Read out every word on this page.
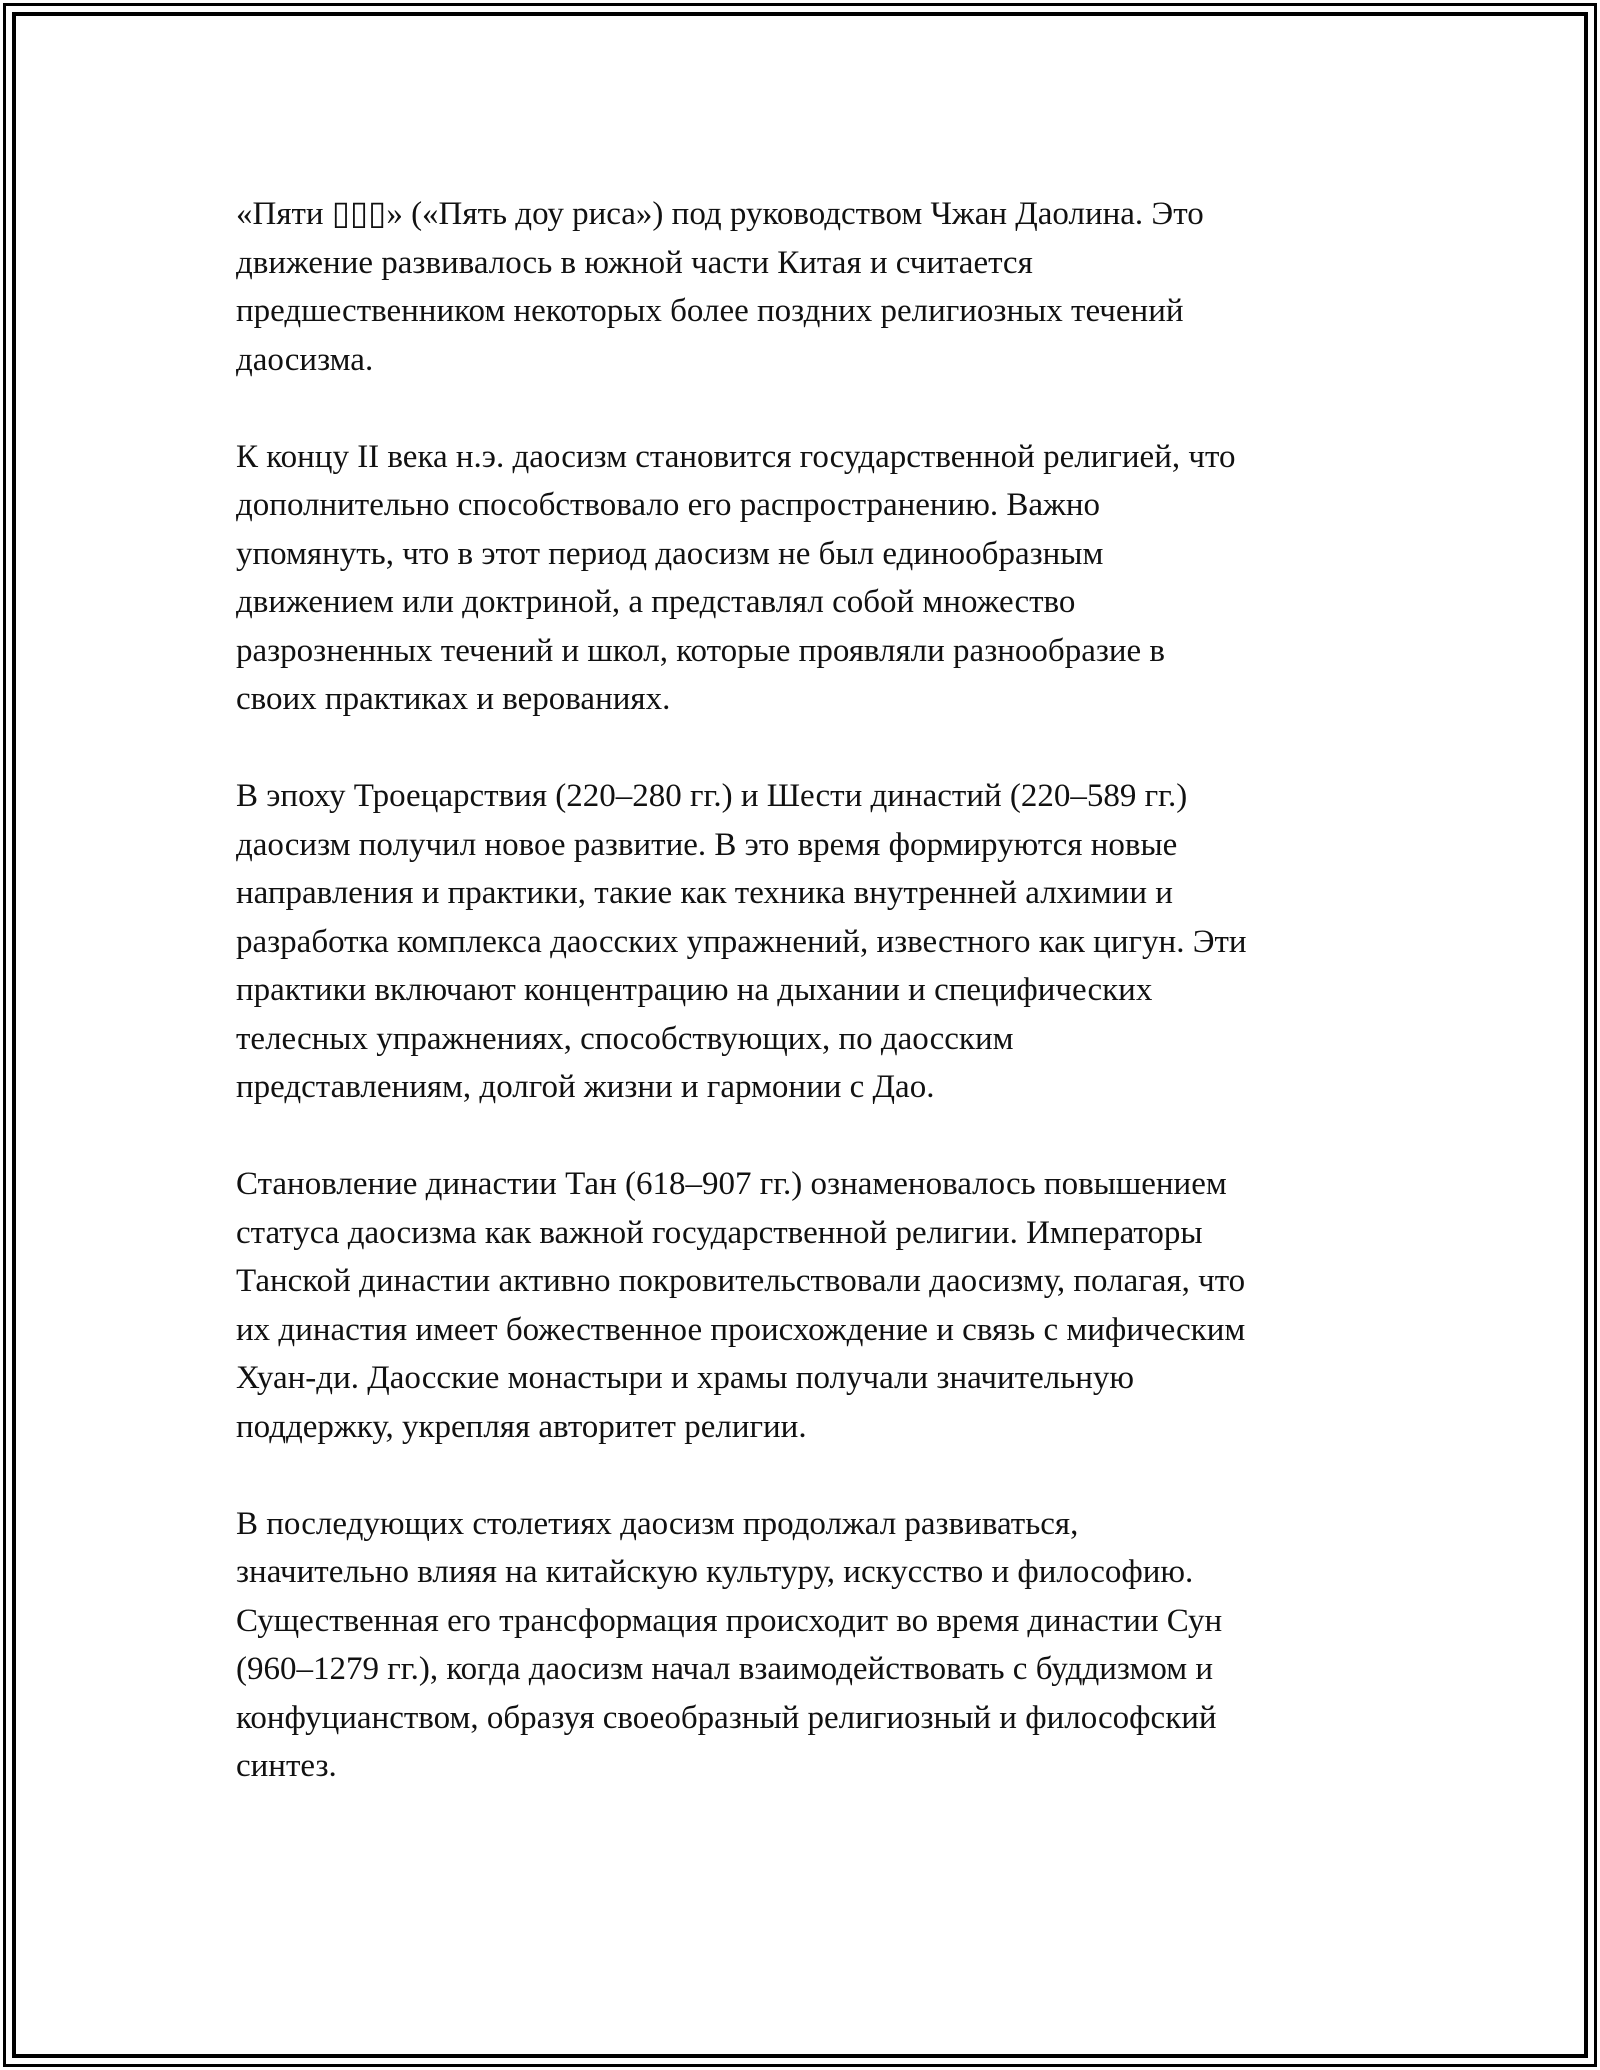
«Пяти ▯▯▯» («Пять доу риса») под руководством Чжан Даолина. Это
движение развивалось в южной части Китая и считается
предшественником некоторых более поздних религиозных течений
даосизма.

К концу II века н.э. даосизм становится государственной религией, что
дополнительно способствовало его распространению. Важно
упомянуть, что в этот период даосизм не был единообразным
движением или доктриной, а представлял собой множество
разрозненных течений и школ, которые проявляли разнообразие в
своих практиках и верованиях.

В эпоху Троецарствия (220–280 гг.) и Шести династий (220–589 гг.)
даосизм получил новое развитие. В это время формируются новые
направления и практики, такие как техника внутренней алхимии и
разработка комплекса даосских упражнений, известного как цигун. Эти
практики включают концентрацию на дыхании и специфических
телесных упражнениях, способствующих, по даосским
представлениям, долгой жизни и гармонии с Дао.

Становление династии Тан (618–907 гг.) ознаменовалось повышением
статуса даосизма как важной государственной религии. Императоры
Танской династии активно покровительствовали даосизму, полагая, что
их династия имеет божественное происхождение и связь с мифическим
Хуан-ди. Даосские монастыри и храмы получали значительную
поддержку, укрепляя авторитет религии.

В последующих столетиях даосизм продолжал развиваться,
значительно влияя на китайскую культуру, искусство и философию.
Существенная его трансформация происходит во время династии Сун
(960–1279 гг.), когда даосизм начал взаимодействовать с буддизмом и
конфуцианством, образуя своеобразный религиозный и философский
синтез.
